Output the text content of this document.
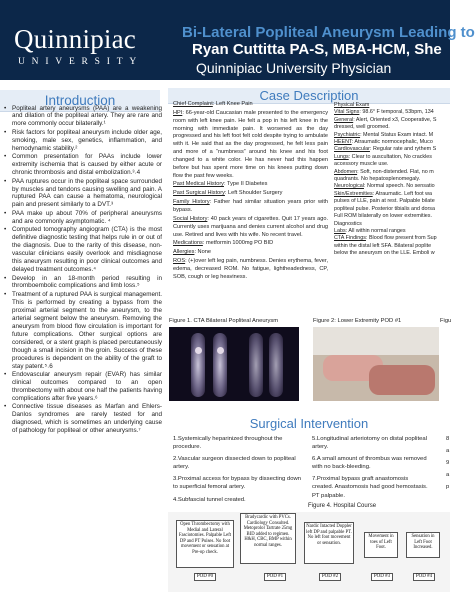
Quinnipiac
UNIVERSITY
Bi-Lateral Popliteal Aneurysm Leading to
Ryan Cuttitta PA-S, MBA-HCM, She
Quinnipiac University Physician
Introduction
• Popliteal artery aneurysms (PAA) are a weakening and dilation of the popliteal artery. They are rare and more commonly occur bilaterally.¹
• Risk factors for popliteal aneurysm include older age, smoking, male sex, genetics, inflammation, and hemodynamic stability.²
• Common presentation for PAAs include lower extremity ischemia that is caused by either acute or chronic thrombosis and distal embolization.³˒4
• PAA ruptures occur in the popliteal space surrounded by muscles and tendons causing swelling and pain. A ruptured PAA can cause a hematoma, neurological pain and present similarly to a DVT.³
• PAA make up about 70% of peripheral aneurysms and are commonly asymptomatic. ⁴
• Computed tomography angiogram (CTA) is the most definitive diagnostic testing that helps rule in or out of the diagnosis. Due to the rarity of this disease, non-vascular clinicians easily overlook and misdiagnose this aneurysm resulting in poor clinical outcomes and delayed treatment outcomes.⁴
• Develop in an 18-month period resulting in thromboembolic complications and limb loss.⁵
• Treatment of a ruptured PAA is surgical management. This is performed by creating a bypass from the proximal arterial segment to the aneurysm, to the arterial segment below the aneurysm. Removing the aneurysm from blood flow circulation is important for future complications. Other surgical options are considered, or a stent graph is placed percutaneously though a small incision in the groin. Success of these procedures is dependent on the ability of the graft to stay patent.⁵˒6
• Endovascular aneurysm repair (EVAR) has similar clinical outcomes compared to an open thrombectomy with about one half the patients having complications after five years.⁶
• Connective tissue diseases as Marfan and Ehlers-Danlos syndromes are rarely tested for and diagnosed, which is sometimes an underlying cause of pathology for popliteal or other aneurysms.⁷
Case Description

Chief Complaint: Left Knee Pain

HPI: 66-year-old Caucasian male presented to the emergency room with left knee pain. He felt a pop in his left knee in the morning with immediate pain. It worsened as the day progressed and his left foot felt cold despite trying to ambulate with it. He said that as the day progressed, he felt less pain and more of a “numbness” around his knee and his foot changed to a white color. He has never had this happen before but has spent more time on his knees putting down flow the past few weeks.

Past Medical History: Type II Diabetes

Past Surgical History: Left Shoulder Surgery

Family History: Father had similar situation years prior with bypass.

Social History: 40 pack years of cigarettes. Quit 17 years ago. Currently uses marijuana and denies current alcohol and drug use. Retired and lives with his wife. No recent travel.

Medications: metformin 1000mg PO BID

Allergies: None

ROS: (+)over left leg pain, numbness. Denies erythema, fever, edema, decreased ROM. No fatigue, lightheadedness, CP, SOB, cough or leg heaviness.

Physical Exam
Vital Signs: 98.6° F temporal, 53bpm, 134
General: Alert, Oriented x3, Cooperative, S
dressed, well groomed.
Psychiatric: Mental Status Exam intact. M
HEENT: Atraumatic normocephalic, Muco
Cardiovascular: Regular rate and rythem S
Lungs: Clear to auscultation, No crackles
accessory muscle use.
Abdomen: Soft, non-distended. Flat, no m
quadrants. No hepatosplenomegaly.
Neurological: Normal speech. No sensatio
Skin/Extremities: Atraumatic. Left foot wa
pulses of LLE, pain at rest. Palpable bilate
popliteal pulse. Posterior tibialis and dorsa
Full ROM bilaterally on lower extremities.
Diagnostics
Labs: All within normal ranges
CTA Findings: Blood flow present from Sup
within the distal left SFA. Bilateral poplite
below the aneurysm on the LLE. Emboli w
Figure 1. CTA Bilateral Popliteal Aneurysm	Figure 2: Lower Extremity POD #1	Figu
Surgical Intervention

1.Systemically heparinized throughout the procedure.

2.Vascular surgeon dissected down to popliteal artery.

3.Proximal access for bypass by dissecting down to superficial femoral artery.

4.Subfascial tunnel created.

5.Longitudinal arteriotomy on distal popliteal artery.

6.A small amount of thrombus was removed with no back-bleeding.

7.Proximal bypass graft anastomosis created. Anastomosis had good hemostasis. PT palpable.

8

a

9

a

p

Figure 4. Hospital Course
Open Thrombectomy with Medial and Lateral Fasciotomies. Palpable Left DP and PT Pulses. No foot movement or sensation at Pre-op check.
Bradycardic with PVCs. Cardiology Consulted. Metoprolol Tartrate 25mg BID added to regimen. H&H, CBC, BMP within normal ranges.
Nardic Intacted Doppler left DP and palpable PT. No left foot movement or sensation.
Movement in toes of Left Foot.
Sensation in Left Foot Increased.
POD #0	POD #1	POD #2	POD #3	POD #4
